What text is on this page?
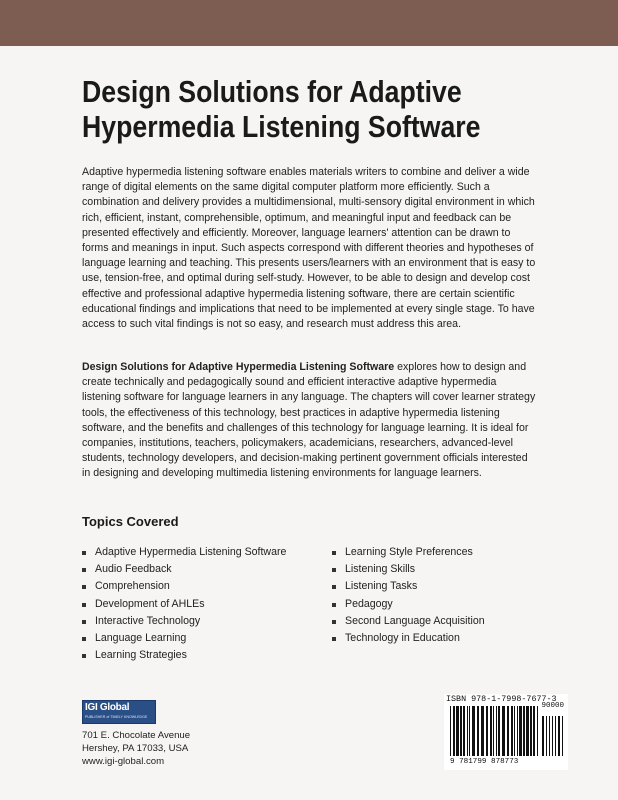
Design Solutions for Adaptive Hypermedia Listening Software

Adaptive hypermedia listening software enables materials writers to combine and deliver a wide range of digital elements on the same digital computer platform more efficiently. Such a combination and delivery provides a multidimensional, multi-sensory digital environment in which rich, efficient, instant, comprehensible, optimum, and meaningful input and feedback can be presented effectively and efficiently. Moreover, language learners' attention can be drawn to forms and meanings in input. Such aspects correspond with different theories and hypotheses of language learning and teaching. This presents users/learners with an environment that is easy to use, tension-free, and optimal during self-study. However, to be able to design and develop cost effective and professional adaptive hypermedia listening software, there are certain scientific educational findings and implications that need to be implemented at every single stage. To have access to such vital findings is not so easy, and research must address this area.

Design Solutions for Adaptive Hypermedia Listening Software explores how to design and create technically and pedagogically sound and efficient interactive adaptive hypermedia listening software for language learners in any language. The chapters will cover learner strategy tools, the effectiveness of this technology, best practices in adaptive hypermedia listening software, and the benefits and challenges of this technology for language learning. It is ideal for companies, institutions, teachers, policymakers, academicians, researchers, advanced-level students, technology developers, and decision-making pertinent government officials interested in designing and developing multimedia listening environments for language learners.

Topics Covered
Adaptive Hypermedia Listening Software
Audio Feedback
Comprehension
Development of AHLEs
Interactive Technology
Language Learning
Learning Strategies
Learning Style Preferences
Listening Skills
Listening Tasks
Pedagogy
Second Language Acquisition
Technology in Education
IGI Global
PUBLISHER of TIMELY KNOWLEDGE

701 E. Chocolate Avenue
Hershey, PA 17033, USA
www.igi-global.com

ISBN 978-1-7998-7677-3
90000
9 781799 878773
